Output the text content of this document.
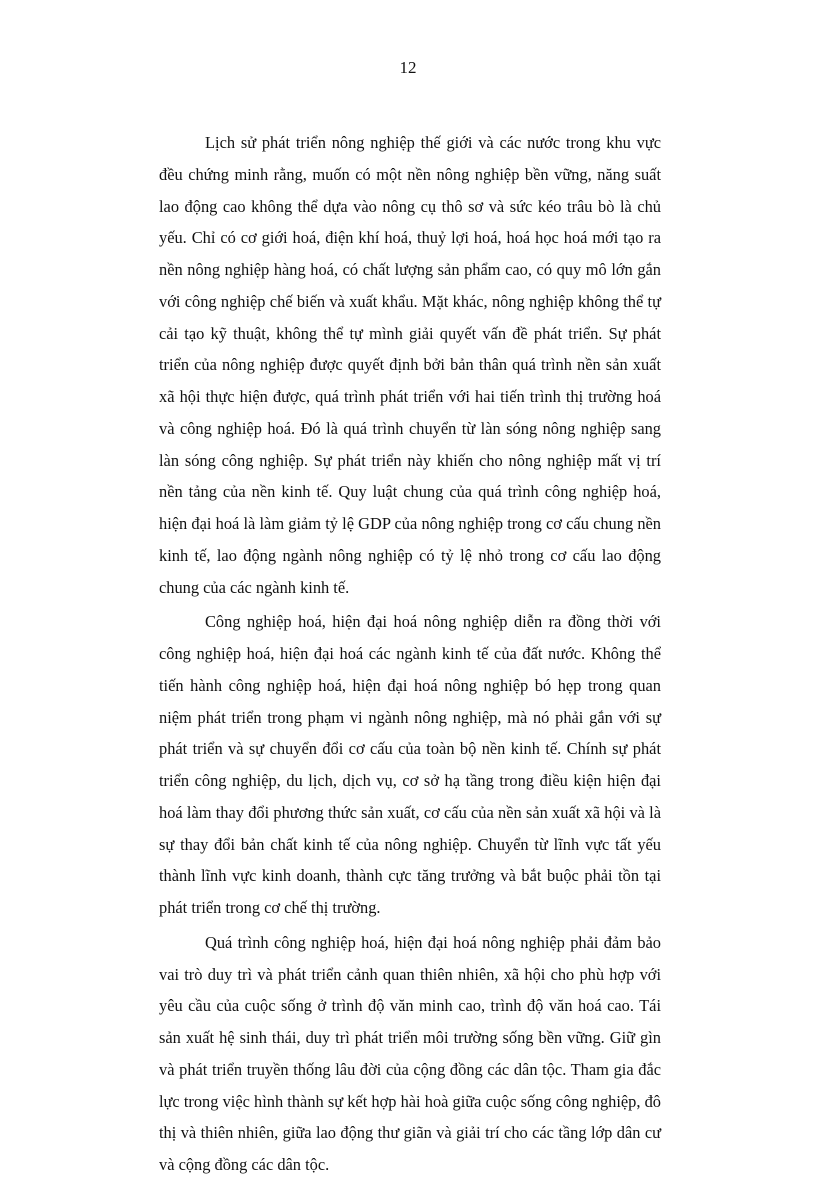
12

Lịch sử phát triển nông nghiệp thế giới và các nước trong khu vực đều chứng minh rằng, muốn có một nền nông nghiệp bền vững, năng suất lao động cao không thể dựa vào nông cụ thô sơ và sức kéo trâu bò là chủ yếu. Chỉ có cơ giới hoá, điện khí hoá, thuỷ lợi hoá, hoá học hoá mới tạo ra nền nông nghiệp hàng hoá, có chất lượng sản phẩm cao, có quy mô lớn gắn với công nghiệp chế biến và xuất khẩu. Mặt khác, nông nghiệp không thể tự cải tạo kỹ thuật, không thể tự mình giải quyết vấn đề phát triển. Sự phát triển của nông nghiệp được quyết định bởi bản thân quá trình nền sản xuất xã hội thực hiện được, quá trình phát triển với hai tiến trình thị trường hoá và công nghiệp hoá. Đó là quá trình chuyển từ làn sóng nông nghiệp sang làn sóng công nghiệp. Sự phát triển này khiến cho nông nghiệp mất vị trí nền tảng của nền kinh tế. Quy luật chung của quá trình công nghiệp hoá, hiện đại hoá là làm giảm tỷ lệ GDP của nông nghiệp trong cơ cấu chung nền kinh tế, lao động ngành nông nghiệp có tỷ lệ nhỏ trong cơ cấu lao động chung của các ngành kinh tế.

Công nghiệp hoá, hiện đại hoá nông nghiệp diễn ra đồng thời với công nghiệp hoá, hiện đại hoá các ngành kinh tế của đất nước. Không thể tiến hành công nghiệp hoá, hiện đại hoá nông nghiệp bó hẹp trong quan niệm phát triển trong phạm vi ngành nông nghiệp, mà nó phải gắn với sự phát triển và sự chuyển đổi cơ cấu của toàn bộ nền kinh tế. Chính sự phát triển công nghiệp, du lịch, dịch vụ, cơ sở hạ tầng trong điều kiện hiện đại hoá làm thay đổi phương thức sản xuất, cơ cấu của nền sản xuất xã hội và là sự thay đổi bản chất kinh tế của nông nghiệp. Chuyển từ lĩnh vực tất yếu thành lĩnh vực kinh doanh, thành cực tăng trưởng và bắt buộc phải tồn tại phát triển trong cơ chế thị trường.

Quá trình công nghiệp hoá, hiện đại hoá nông nghiệp phải đảm bảo vai trò duy trì và phát triển cảnh quan thiên nhiên, xã hội cho phù hợp với yêu cầu của cuộc sống ở trình độ văn minh cao, trình độ văn hoá cao. Tái sản xuất hệ sinh thái, duy trì phát triển môi trường sống bền vững. Giữ gìn và phát triển truyền thống lâu đời của cộng đồng các dân tộc. Tham gia đắc lực trong việc hình thành sự kết hợp hài hoà giữa cuộc sống công nghiệp, đô thị và thiên nhiên, giữa lao động thư giãn và giải trí cho các tầng lớp dân cư và cộng đồng các dân tộc.
